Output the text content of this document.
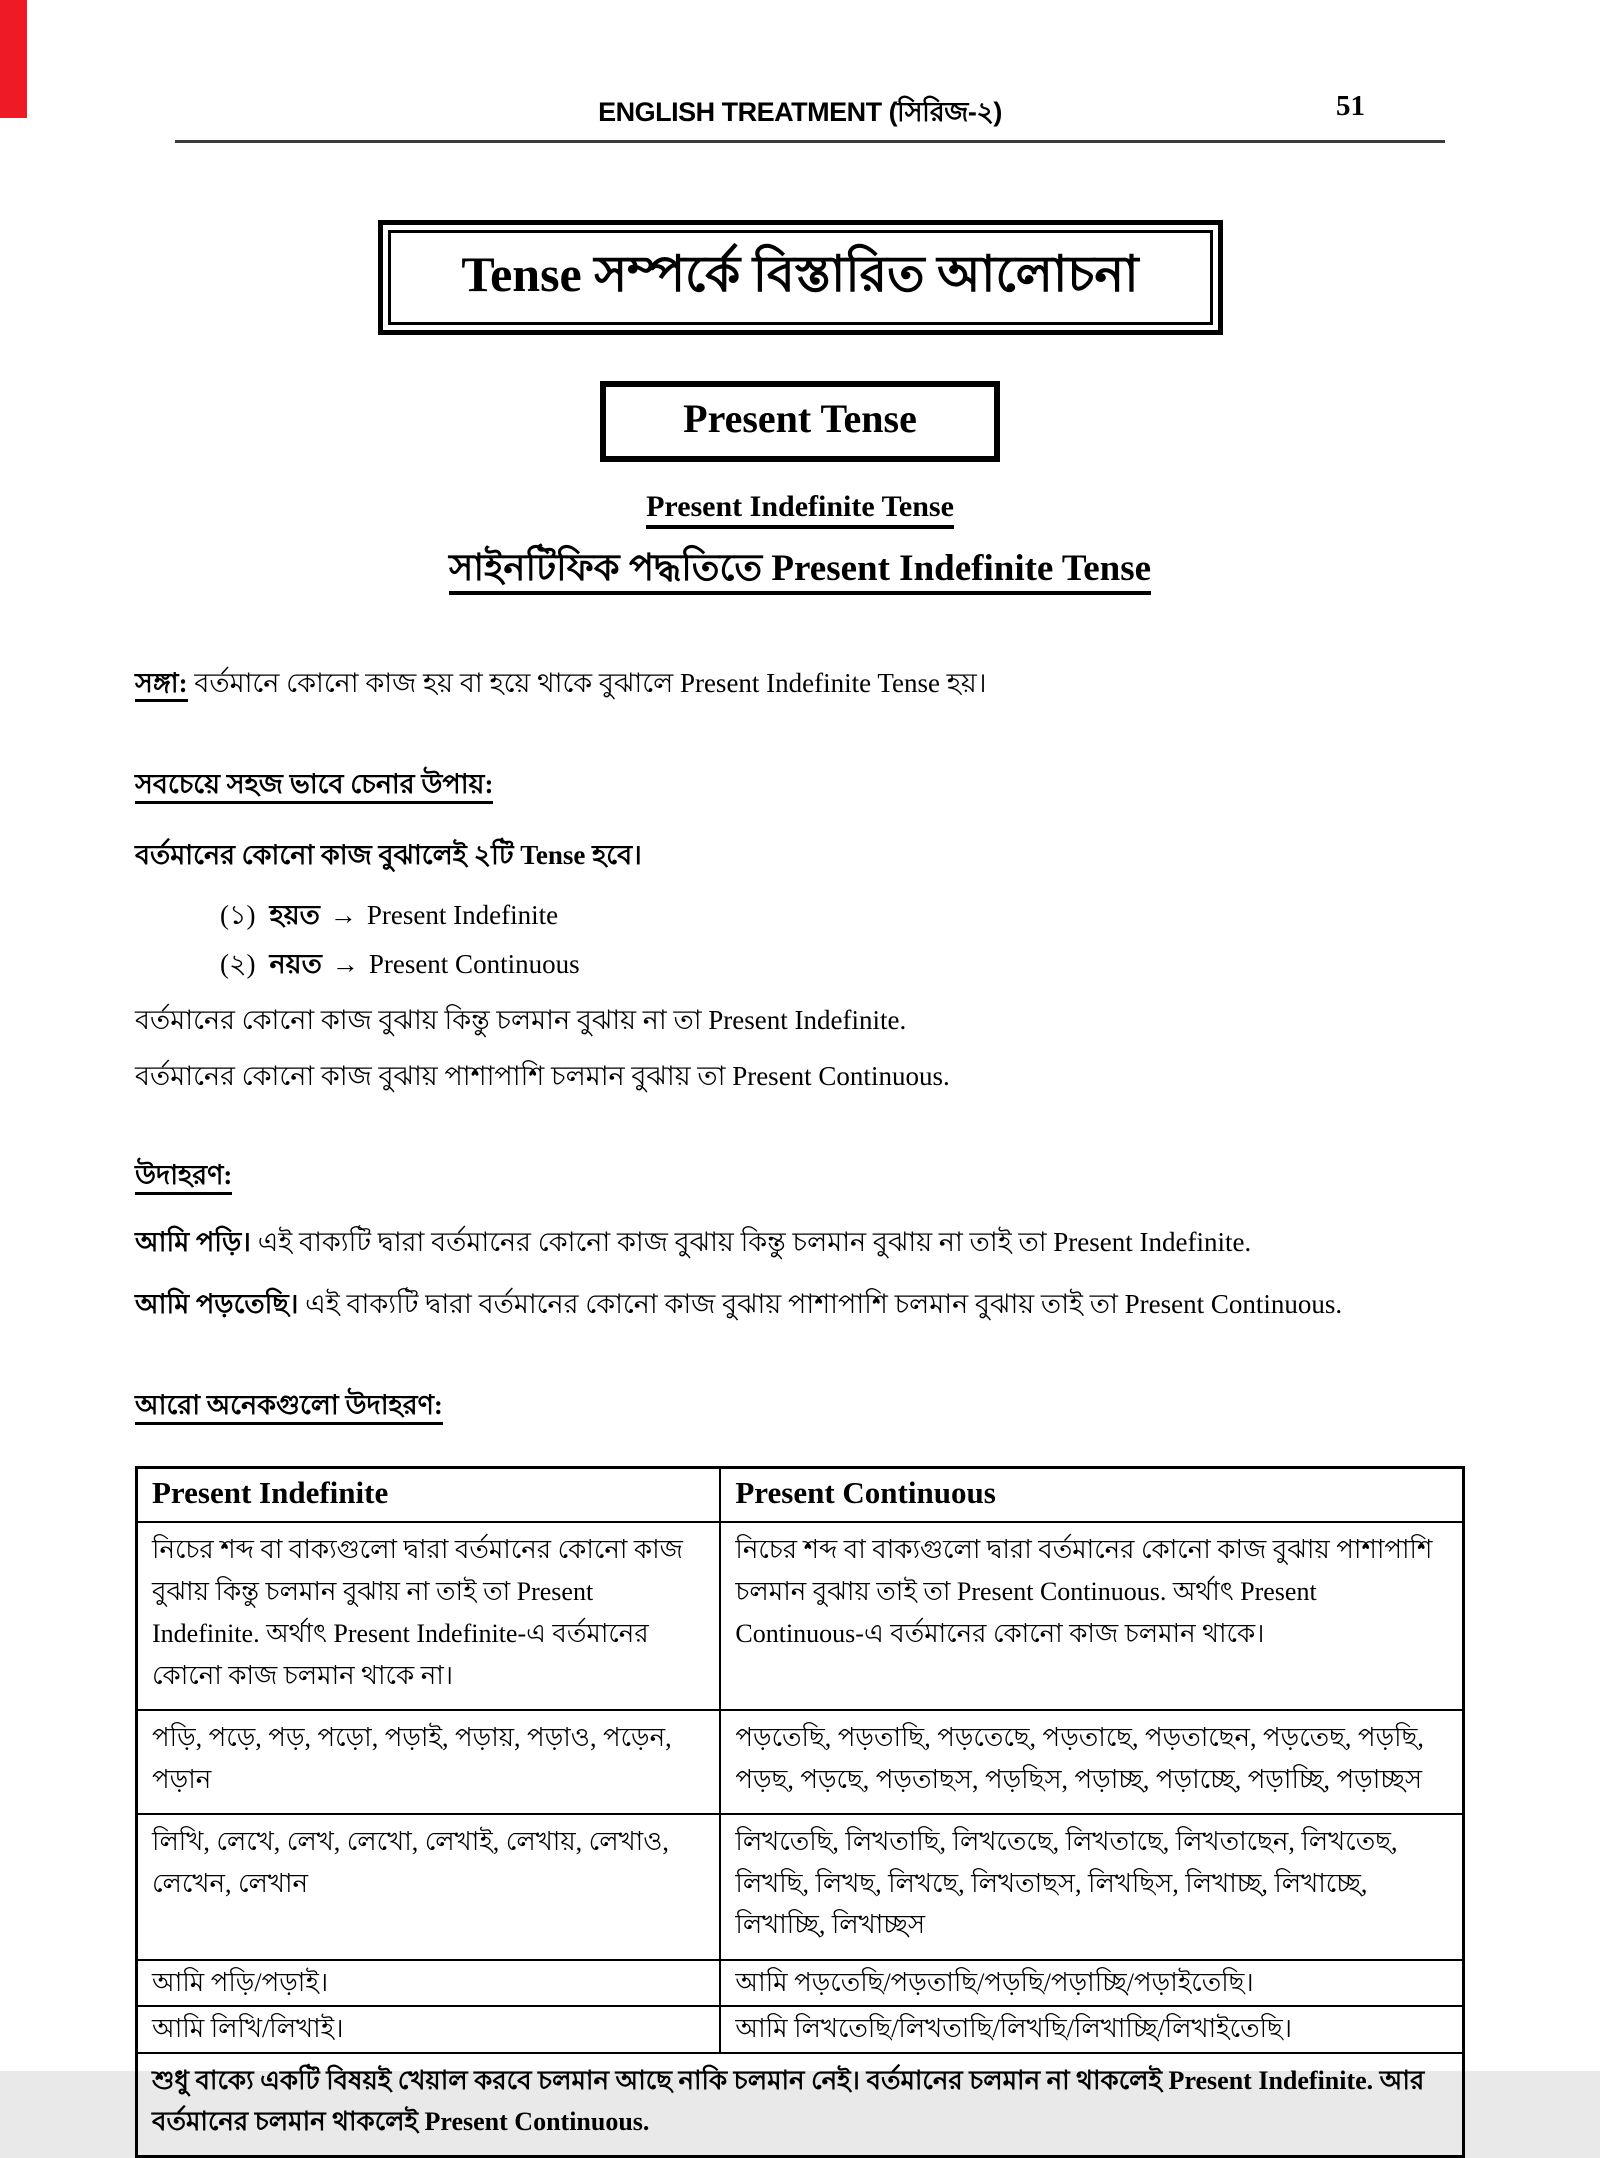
ENGLISH TREATMENT (সিরিজ-২)	51
Tense সম্পর্কে বিস্তারিত আলোচনা
Present Tense
Present Indefinite Tense
সাইনটিফিক পদ্ধতিতে Present Indefinite Tense

সঙ্গা: বর্তমানে কোনো কাজ হয় বা হয়ে থাকে বুঝালে Present Indefinite Tense হয়।

সবচেয়ে সহজ ভাবে চেনার উপায়:

বর্তমানের কোনো কাজ বুঝালেই ২টি Tense হবে।

(১) হয়ত → Present Indefinite
(২) নয়ত → Present Continuous

বর্তমানের কোনো কাজ বুঝায় কিন্তু চলমান বুঝায় না তা Present Indefinite.

বর্তমানের কোনো কাজ বুঝায় পাশাপাশি চলমান বুঝায় তা Present Continuous.

উদাহরণ:

আমি পড়ি। এই বাক্যটি দ্বারা বর্তমানের কোনো কাজ বুঝায় কিন্তু চলমান বুঝায় না তাই তা Present Indefinite.

আমি পড়তেছি। এই বাক্যটি দ্বারা বর্তমানের কোনো কাজ বুঝায় পাশাপাশি চলমান বুঝায় তাই তা Present Continuous.

আরো অনেকগুলো উদাহরণ:
Present Indefinite	Present Continuous
নিচের শব্দ বা বাক্যগুলো দ্বারা বর্তমানের কোনো কাজ বুঝায় কিন্তু চলমান বুঝায় না তাই তা Present Indefinite. অর্থাৎ Present Indefinite-এ বর্তমানের কোনো কাজ চলমান থাকে না।	নিচের শব্দ বা বাক্যগুলো দ্বারা বর্তমানের কোনো কাজ বুঝায় পাশাপাশি চলমান বুঝায় তাই তা Present Continuous. অর্থাৎ Present Continuous-এ বর্তমানের কোনো কাজ চলমান থাকে।
পড়ি, পড়ে, পড়, পড়ো, পড়াই, পড়ায়, পড়াও, পড়েন, পড়ান	পড়তেছি, পড়তাছি, পড়তেছে, পড়তাছে, পড়তাছেন, পড়তেছ, পড়ছি, পড়ছ, পড়ছে, পড়তাছস, পড়ছিস, পড়াচ্ছ, পড়াচ্ছে, পড়াচ্ছি, পড়াচ্ছস
লিখি, লেখে, লেখ, লেখো, লেখাই, লেখায়, লেখাও, লেখেন, লেখান	লিখতেছি, লিখতাছি, লিখতেছে, লিখতাছে, লিখতাছেন, লিখতেছ, লিখছি, লিখছ, লিখছে, লিখতাছস, লিখছিস, লিখাচ্ছ, লিখাচ্ছে, লিখাচ্ছি, লিখাচ্ছস
আমি পড়ি/পড়াই।	আমি পড়তেছি/পড়তাছি/পড়ছি/পড়াচ্ছি/পড়াইতেছি।
আমি লিখি/লিখাই।	আমি লিখতেছি/লিখতাছি/লিখছি/লিখাচ্ছি/লিখাইতেছি।
শুধু বাক্যে একটি বিষয়ই খেয়াল করবে চলমান আছে নাকি চলমান নেই। বর্তমানের চলমান না থাকলেই Present Indefinite. আর বর্তমানের চলমান থাকলেই Present Continuous.	
